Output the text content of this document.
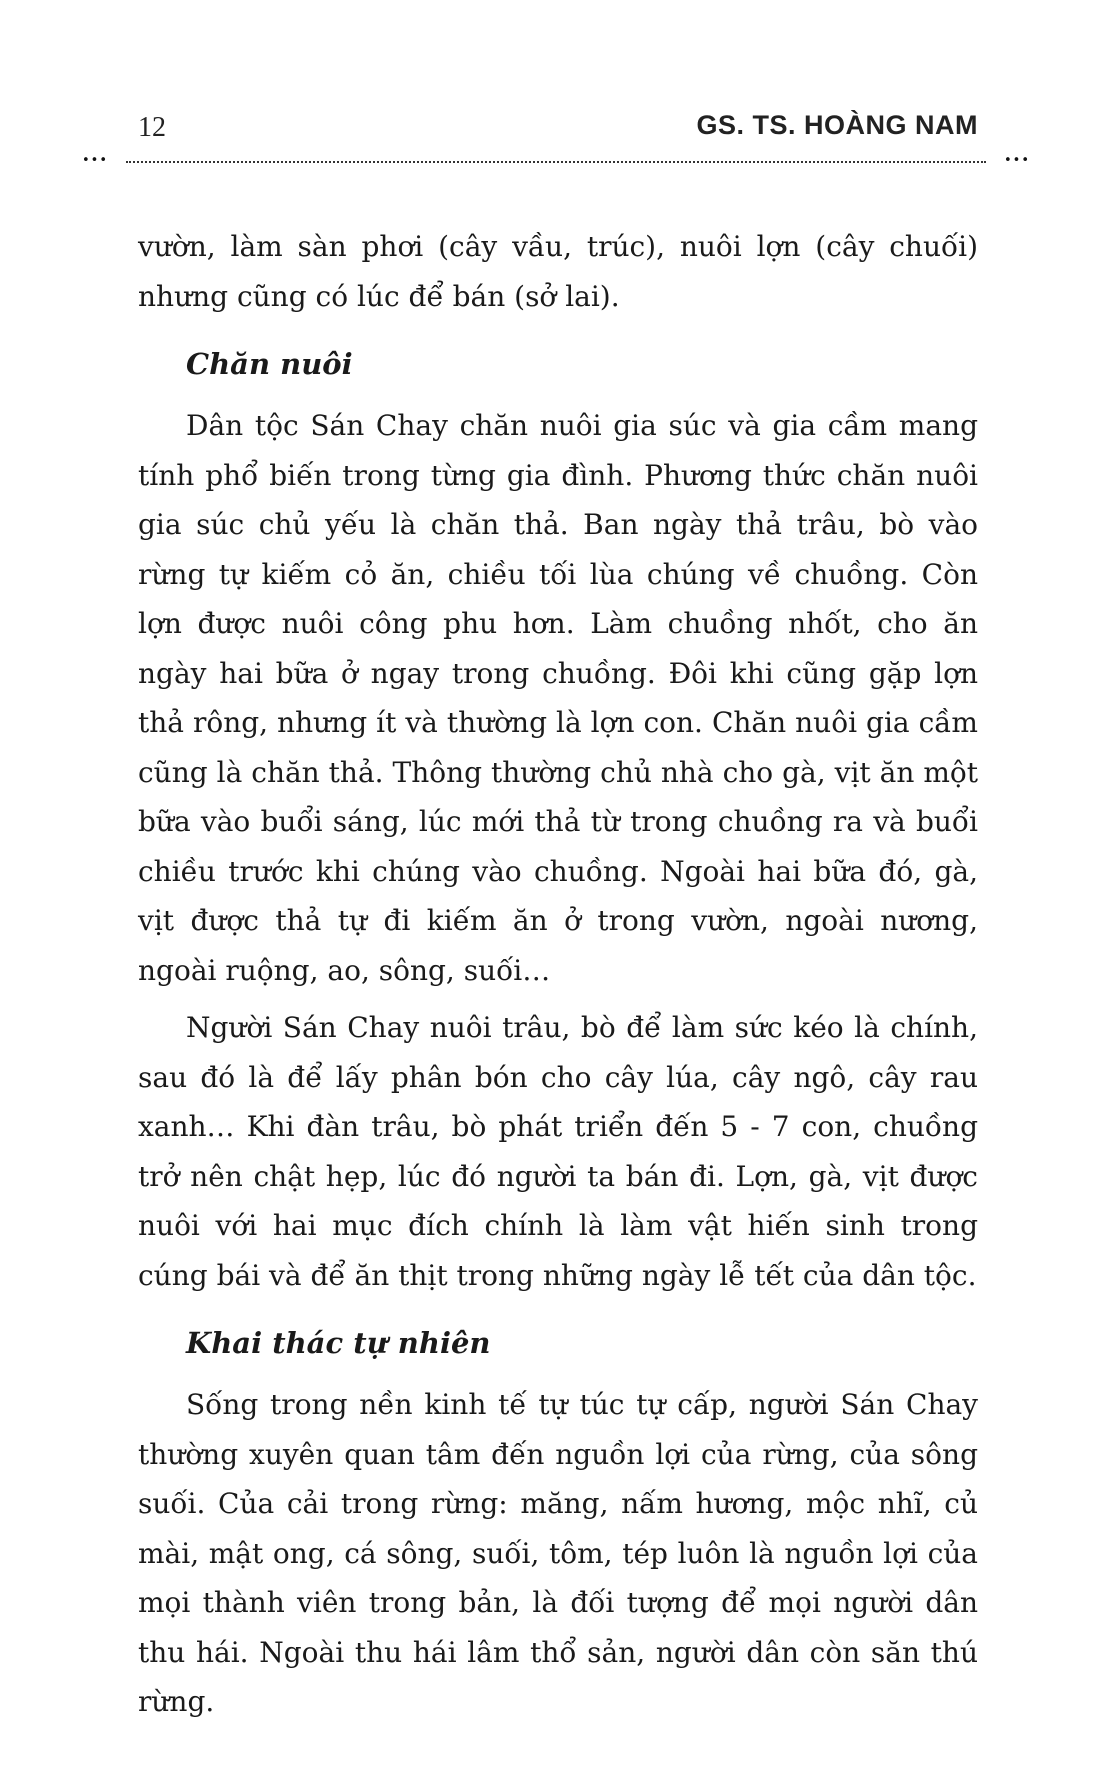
12	GS. TS. HOÀNG NAM
•••	•••

vườn, làm sàn phơi (cây vầu, trúc), nuôi lợn (cây chuối) nhưng cũng có lúc để bán (sở lai).

Chăn nuôi

Dân tộc Sán Chay chăn nuôi gia súc và gia cầm mang tính phổ biến trong từng gia đình. Phương thức chăn nuôi gia súc chủ yếu là chăn thả. Ban ngày thả trâu, bò vào rừng tự kiếm cỏ ăn, chiều tối lùa chúng về chuồng. Còn lợn được nuôi công phu hơn. Làm chuồng nhốt, cho ăn ngày hai bữa ở ngay trong chuồng. Đôi khi cũng gặp lợn thả rông, nhưng ít và thường là lợn con. Chăn nuôi gia cầm cũng là chăn thả. Thông thường chủ nhà cho gà, vịt ăn một bữa vào buổi sáng, lúc mới thả từ trong chuồng ra và buổi chiều trước khi chúng vào chuồng. Ngoài hai bữa đó, gà, vịt được thả tự đi kiếm ăn ở trong vườn, ngoài nương, ngoài ruộng, ao, sông, suối…

Người Sán Chay nuôi trâu, bò để làm sức kéo là chính, sau đó là để lấy phân bón cho cây lúa, cây ngô, cây rau xanh… Khi đàn trâu, bò phát triển đến 5 - 7 con, chuồng trở nên chật hẹp, lúc đó người ta bán đi. Lợn, gà, vịt được nuôi với hai mục đích chính là làm vật hiến sinh trong cúng bái và để ăn thịt trong những ngày lễ tết của dân tộc.

Khai thác tự nhiên

Sống trong nền kinh tế tự túc tự cấp, người Sán Chay thường xuyên quan tâm đến nguồn lợi của rừng, của sông suối. Của cải trong rừng: măng, nấm hương, mộc nhĩ, củ mài, mật ong, cá sông, suối, tôm, tép luôn là nguồn lợi của mọi thành viên trong bản, là đối tượng để mọi người dân thu hái. Ngoài thu hái lâm thổ sản, người dân còn săn thú rừng.
